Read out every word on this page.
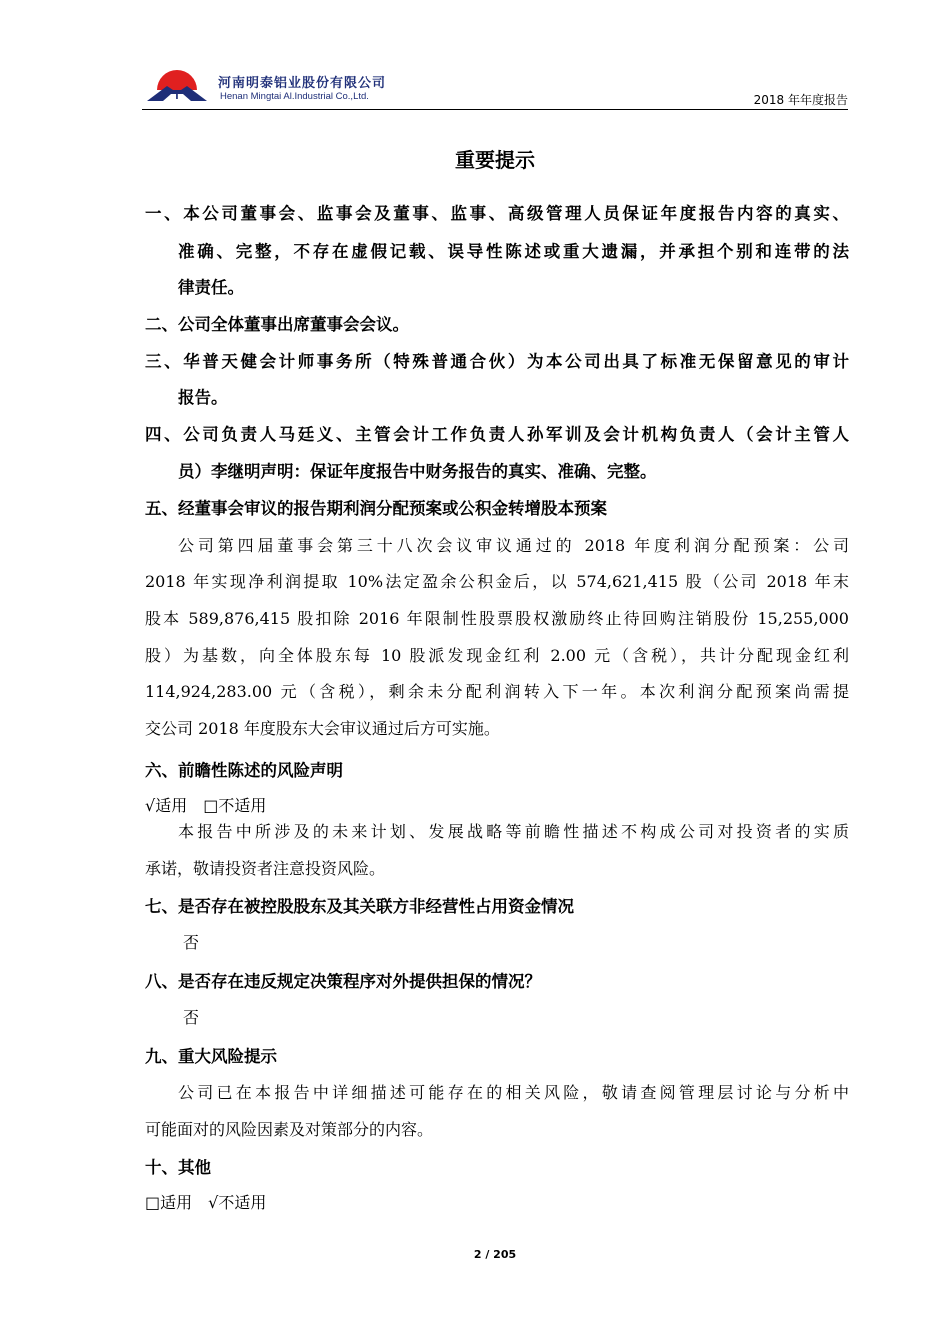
T
河南明泰铝业股份有限公司
Henan Mingtai Al.Industrial Co.,Ltd.	2018 年年度报告
重要提示
一、本公司董事会、监事会及董事、监事、高级管理人员保证年度报告内容的真实、
准确、完整，不存在虚假记载、误导性陈述或重大遗漏，并承担个别和连带的法
律责任。
二、公司全体董事出席董事会会议。
三、华普天健会计师事务所（特殊普通合伙）为本公司出具了标准无保留意见的审计
报告。
四、公司负责人马廷义、主管会计工作负责人孙军训及会计机构负责人（会计主管人
员）李继明声明：保证年度报告中财务报告的真实、准确、完整。
五、经董事会审议的报告期利润分配预案或公积金转增股本预案
公司第四届董事会第三十八次会议审议通过的 2018 年度利润分配预案：公司
2018 年实现净利润提取 10%法定盈余公积金后，以 574,621,415 股（公司 2018 年末
股本 589,876,415 股扣除 2016 年限制性股票股权激励终止待回购注销股份 15,255,000
股）为基数，向全体股东每 10 股派发现金红利 2.00 元（含税），共计分配现金红利
114,924,283.00 元（含税），剩余未分配利润转入下一年。本次利润分配预案尚需提
交公司 2018 年度股东大会审议通过后方可实施。
六、前瞻性陈述的风险声明
√适用　□不适用
本报告中所涉及的未来计划、发展战略等前瞻性描述不构成公司对投资者的实质
承诺，敬请投资者注意投资风险。
七、是否存在被控股股东及其关联方非经营性占用资金情况
否
八、是否存在违反规定决策程序对外提供担保的情况？
否
九、重大风险提示
公司已在本报告中详细描述可能存在的相关风险，敬请查阅管理层讨论与分析中
可能面对的风险因素及对策部分的内容。
十、其他
□适用　√不适用
2 / 205
